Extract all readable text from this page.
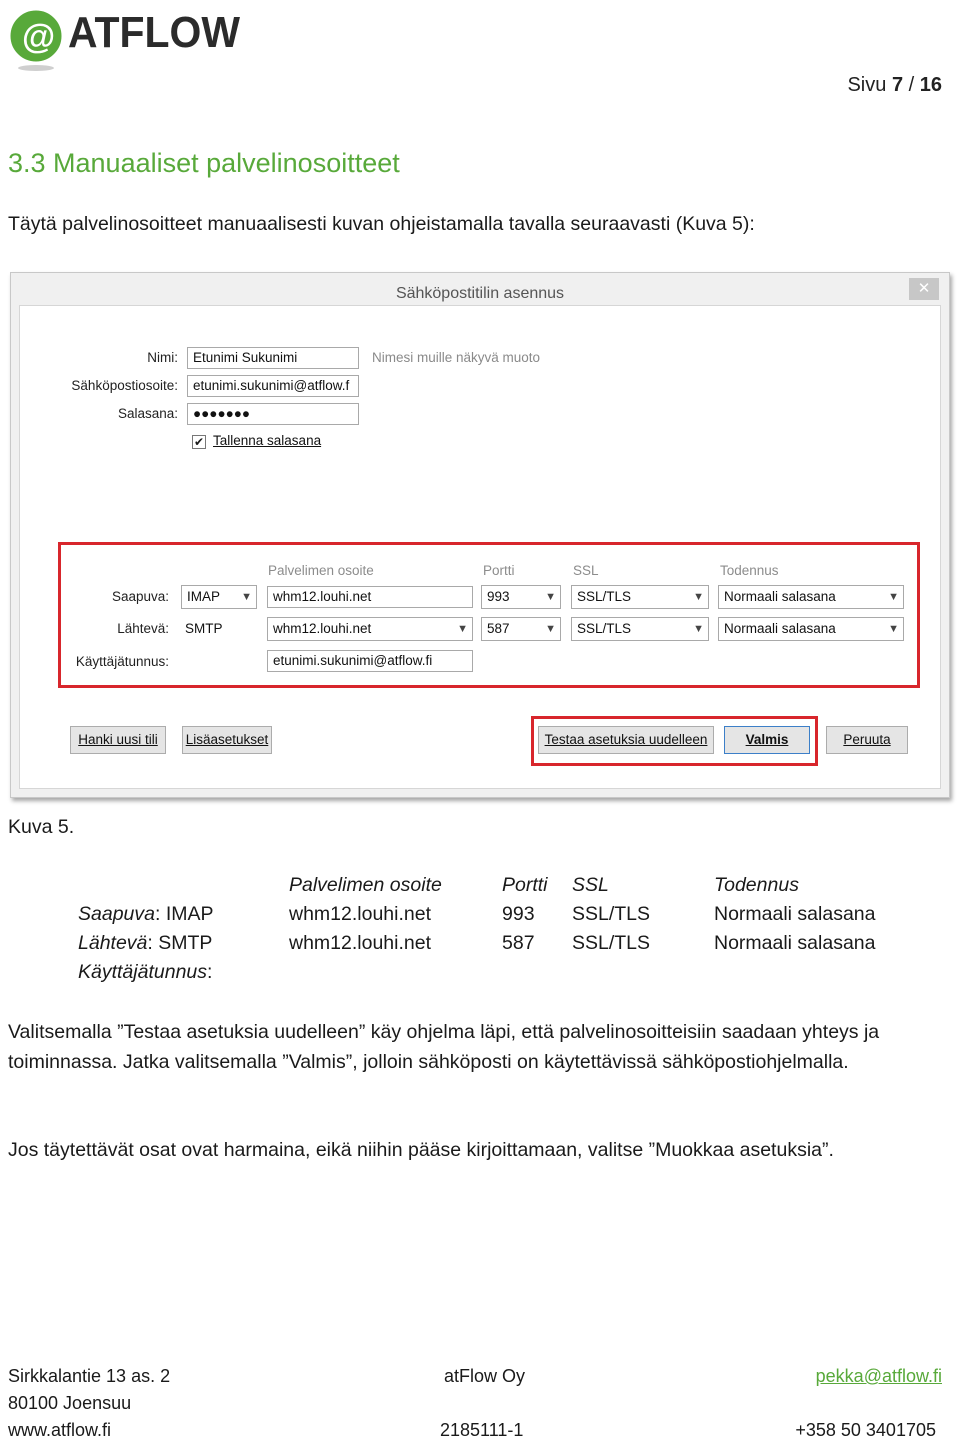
@ ATFLOW
Sivu 7 / 16
3.3 Manuaaliset palvelinosoitteet
Täytä palvelinosoitteet manuaalisesti kuvan ohjeistamalla tavalla seuraavasti (Kuva 5):
Sähköpostitilin asennus	✕
Nimi:	Etunimi Sukunimi	Nimesi muille näkyvä muoto
Sähköpostiosoite:	etunimi.sukunimi@atflow.f
Salasana:	●●●●●●●
✔ Tallenna salasana
Palvelimen osoite	Portti	SSL	Todennus
Saapuva:	IMAP ▼	whm12.louhi.net	993	▼	SSL/TLS	▼	Normaali salasana	▼
Lähtevä: SMTP	whm12.louhi.net	▼	587	▼	SSL/TLS	▼	Normaali salasana	▼
Käyttäjätunnus:	etunimi.sukunimi@atflow.fi
Hanki uusi tili	Lisäasetukset	Testaa asetuksia uudelleen	Valmis	Peruuta
Kuva 5.
Palvelimen osoite	Portti SSL	Todennus
Saapuva: IMAP	whm12.louhi.net	993 SSL/TLS	Normaali salasana
Lähtevä: SMTP	whm12.louhi.net	587 SSL/TLS	Normaali salasana
Käyttäjätunnus:
Valitsemalla ”Testaa asetuksia uudelleen” käy ohjelma läpi, että palvelinosoitteisiin saadaan yhteys ja toiminnassa. Jatka valitsemalla ”Valmis”, jolloin sähköposti on käytettävissä sähköpostiohjelmalla.
Jos täytettävät osat ovat harmaina, eikä niihin pääse kirjoittamaan, valitse ”Muokkaa asetuksia”.
Sirkkalantie 13 as. 2
80100 Joensuu
www.atflow.fi
atFlow Oy
2185111-1
pekka@atflow.fi
+358 50 3401705
